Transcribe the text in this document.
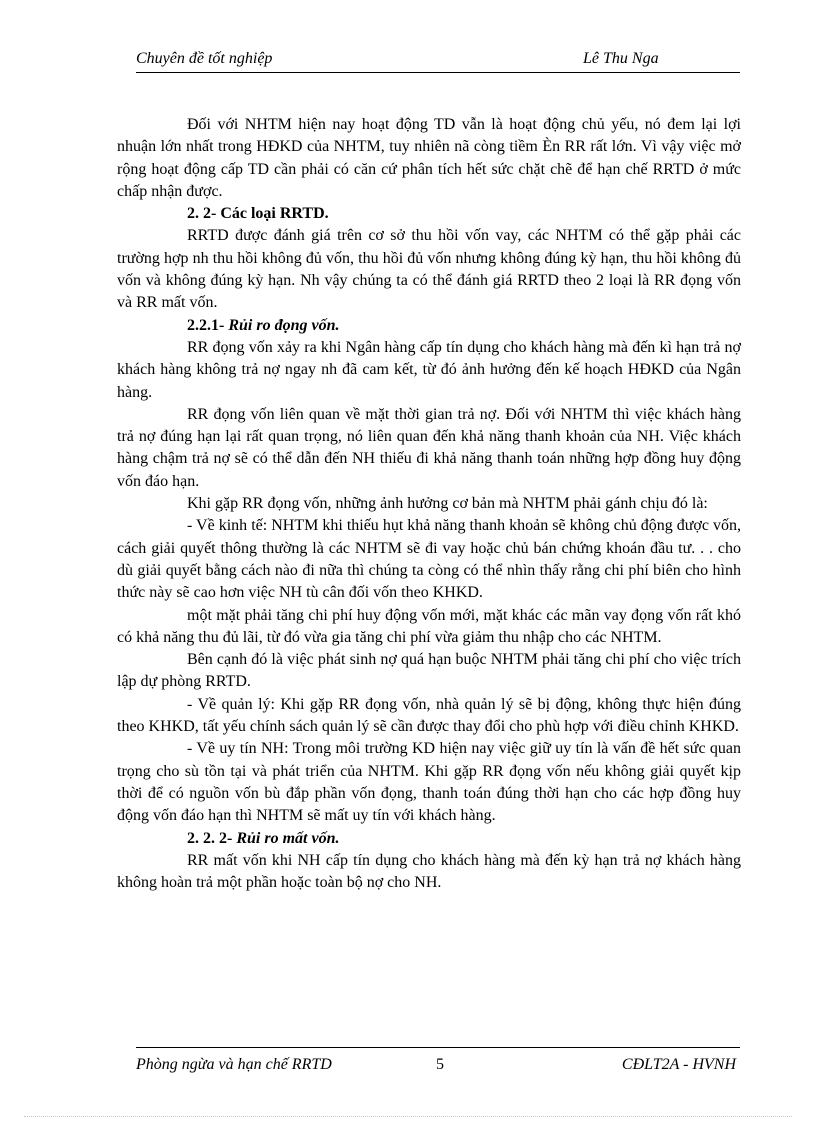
Chuyên đề tốt nghiệp	Lê Thu Nga

Đối với NHTM hiện nay hoạt động TD vẫn là hoạt động chủ yếu, nó đem lại lợi nhuận lớn nhất trong HĐKD của NHTM, tuy nhiên nã còng tiềm Èn RR rất lớn. Vì vậy việc mở rộng hoạt động cấp TD cần phải có căn cứ phân tích hết sức chặt chẽ để hạn chế RRTD ở mức chấp nhận được.

2. 2- Các loại RRTD.

RRTD được đánh giá trên cơ sở thu hồi vốn vay, các NHTM có thể gặp phải các trường hợp nh thu hồi không đủ vốn, thu hồi đủ vốn nhưng không đúng kỳ hạn, thu hồi không đủ vốn và không đúng kỳ hạn. Nh vậy chúng ta có thể đánh giá RRTD theo 2 loại là RR đọng vốn và RR mất vốn.

2.2.1- Rủi ro đọng vốn.

RR đọng vốn xảy ra khi Ngân hàng cấp tín dụng cho khách hàng mà đến kì hạn trả nợ khách hàng không trả nợ ngay nh đã cam kết, từ đó ảnh hưởng đến kế hoạch HĐKD của Ngân hàng.

RR đọng vốn liên quan về mặt thời gian trả nợ. Đối với NHTM thì việc khách hàng trả nợ đúng hạn lại rất quan trọng, nó liên quan đến khả năng thanh khoản của NH. Việc khách hàng chậm trả nợ sẽ có thể dẫn đến NH thiếu đi khả năng thanh toán những hợp đồng huy động vốn đáo hạn.

Khi gặp RR đọng vốn, những ảnh hưởng cơ bản mà NHTM phải gánh chịu đó là:

- Về kinh tế: NHTM khi thiếu hụt khả năng thanh khoản sẽ không chủ động được vốn, cách giải quyết thông thường là các NHTM sẽ đi vay hoặc chủ bán chứng khoán đầu tư. . . cho dù giải quyết bằng cách nào đi nữa thì chúng ta còng có thể nhìn thấy rằng chi phí biên cho hình thức này sẽ cao hơn việc NH tù cân đối vốn theo KHKD.

một mặt phải tăng chi phí huy động vốn mới, mặt khác các mãn vay đọng vốn rất khó có khả năng thu đủ lãi, từ đó vừa gia tăng chi phí vừa giảm thu nhập cho các NHTM.

Bên cạnh đó là việc phát sinh nợ quá hạn buộc NHTM phải tăng chi phí cho việc trích lập dự phòng RRTD.

- Về quản lý: Khi gặp RR đọng vốn, nhà quản lý sẽ bị động, không thực hiện đúng theo KHKD, tất yếu chính sách quản lý sẽ cần được thay đổi cho phù hợp với điều chỉnh KHKD.

- Về uy tín NH: Trong môi trường KD hiện nay việc giữ uy tín là vấn đề hết sức quan trọng cho sù tồn tại và phát triển của NHTM. Khi gặp RR đọng vốn nếu không giải quyết kịp thời để có nguồn vốn bù đắp phần vốn đọng, thanh toán đúng thời hạn cho các hợp đồng huy động vốn đáo hạn thì NHTM sẽ mất uy tín với khách hàng.

2. 2. 2- Rủi ro mất vốn.

RR mất vốn khi NH cấp tín dụng cho khách hàng mà đến kỳ hạn trả nợ khách hàng không hoàn trả một phần hoặc toàn bộ nợ cho NH.

Phòng ngừa và hạn chế RRTD	5	CĐLT2A - HVNH
